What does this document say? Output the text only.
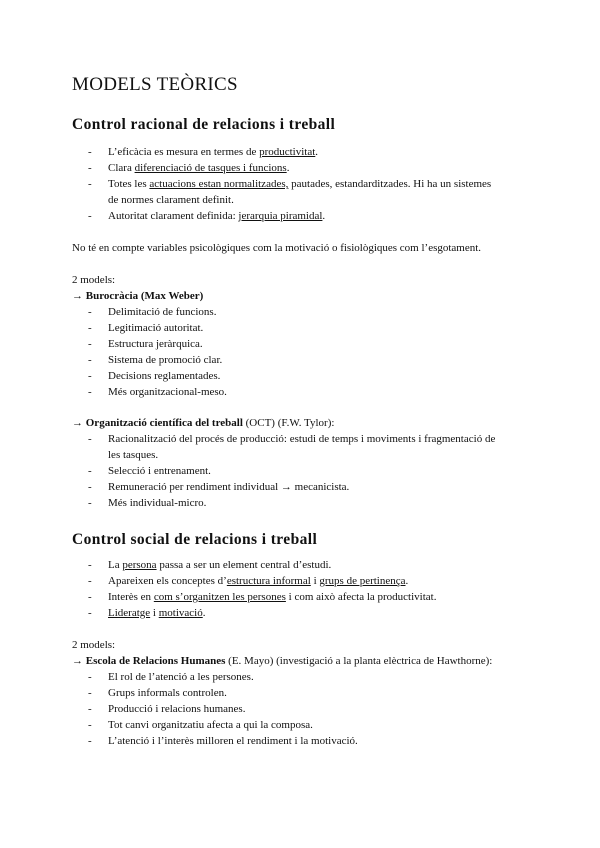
MODELS TEÒRICS
Control racional de relacions i treball
- L’eficàcia es mesura en termes de productivitat.
- Clara diferenciació de tasques i funcions.
- Totes les actuacions estan normalitzades, pautades, estandarditzades. Hi ha un sistemes
de normes clarament definit.
- Autoritat clarament definida: jerarquia piramidal.
No té en compte variables psicològiques com la motivació o fisiològiques com l’esgotament.
2 models:
→ Burocràcia (Max Weber)
- Delimitació de funcions.
- Legitimació autoritat.
- Estructura jeràrquica.
- Sistema de promoció clar.
- Decisions reglamentades.
- Més organitzacional-meso.
→ Organització científica del treball (OCT) (F.W. Tylor):
- Racionalització del procés de producció: estudi de temps i moviments i fragmentació de
les tasques.
- Selecció i entrenament.
- Remuneració per rendiment individual → mecanicista.
- Més individual-micro.
Control social de relacions i treball
- La persona passa a ser un element central d’estudi.
- Apareixen els conceptes d’estructura informal i grups de pertinença.
- Interès en com s’organitzen les persones i com això afecta la productivitat.
- Lideratge i motivació.
2 models:
→ Escola de Relacions Humanes (E. Mayo) (investigació a la planta elèctrica de Hawthorne):
- El rol de l’atenció a les persones.
- Grups informals controlen.
- Producció i relacions humanes.
- Tot canvi organitzatiu afecta a qui la composa.
- L’atenció i l’interès milloren el rendiment i la motivació.
